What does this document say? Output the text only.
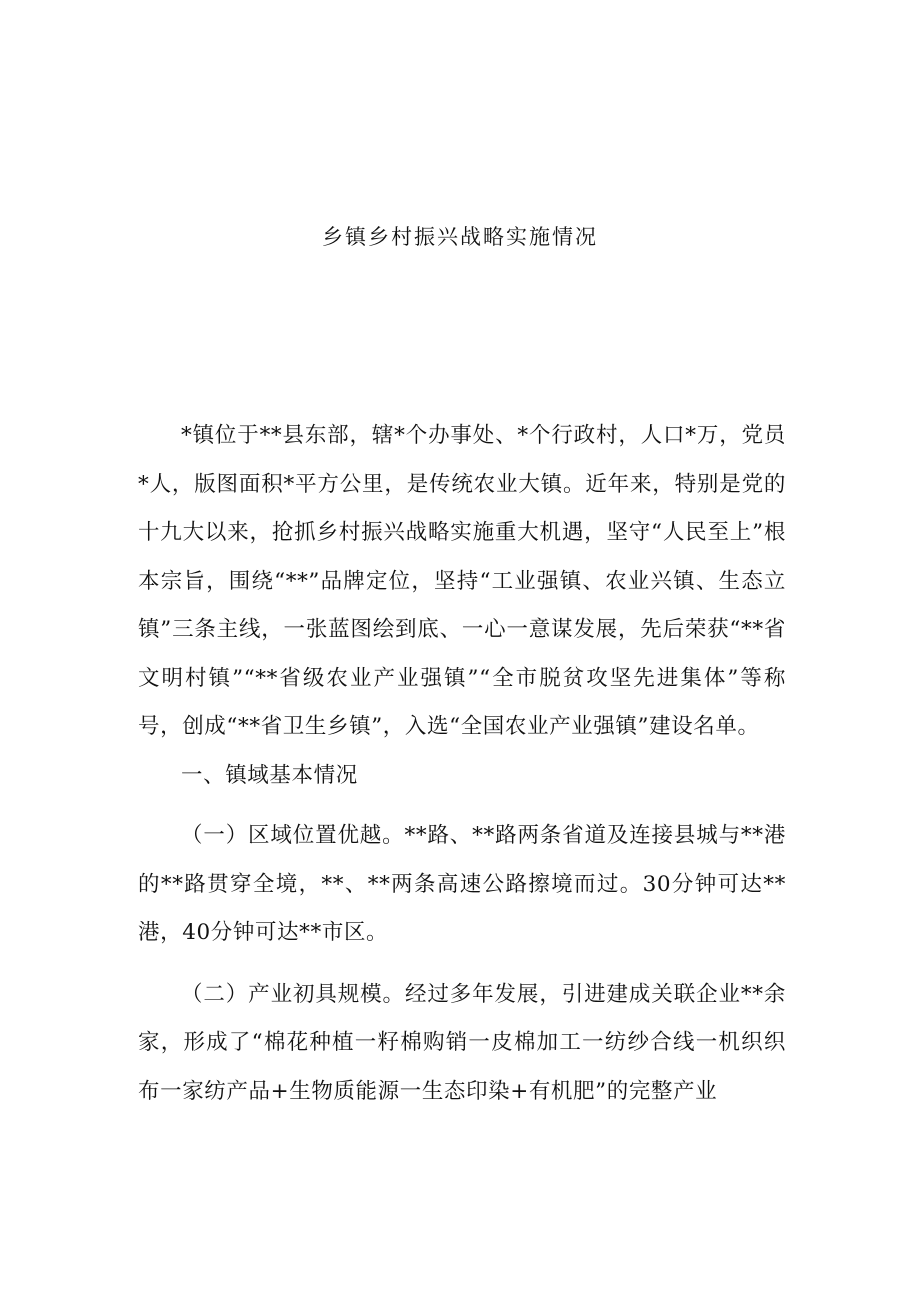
乡镇乡村振兴战略实施情况

*镇位于**县东部，辖*个办事处、*个行政村，人口*万，党员*人，版图面积*平方公里，是传统农业大镇。近年来，特别是党的十九大以来，抢抓乡村振兴战略实施重大机遇，坚守“人民至上”根本宗旨，围绕“**”品牌定位，坚持“工业强镇、农业兴镇、生态立镇”三条主线，一张蓝图绘到底、一心一意谋发展，先后荣获“**省文明村镇”“**省级农业产业强镇”“全市脱贫攻坚先进集体”等称号，创成“**省卫生乡镇”，入选“全国农业产业强镇”建设名单。

一、镇域基本情况

（一）区域位置优越。**路、**路两条省道及连接县城与**港的**路贯穿全境，**、**两条高速公路擦境而过。30分钟可达**港，40分钟可达**市区。

（二）产业初具规模。经过多年发展，引进建成关联企业**余家，形成了“棉花种植一籽棉购销一皮棉加工一纺纱合线一机织织布一家纺产品+生物质能源一生态印染+有机肥”的完整产业
